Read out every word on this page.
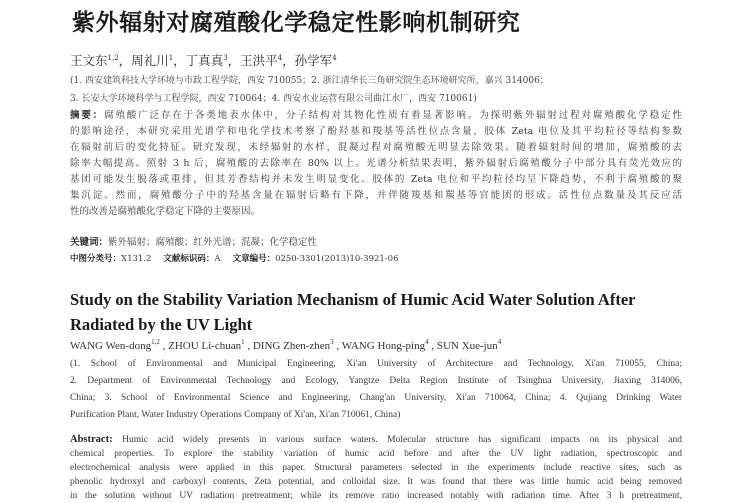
紫外辐射对腐殖酸化学稳定性影响机制研究
王文东$^{1,2}$，周礼川$^1$，丁真真$^3$，王洪平$^4$，孙学军$^4$
(1. 西安建筑科技大学环境与市政工程学院，西安 710055；2. 浙江清华长三角研究院生态环境研究所，嘉兴 314006；
3. 长安大学环境科学与工程学院，西安 710064；4. 西安水业运营有限公司曲江水厂，西安 710061)
摘要：腐殖酸广泛存在于各类地表水体中，分子结构对其物化性质有着显著影响。为探明紫外辐射过程对腐殖酸化学稳定性
的影响途径，本研究采用光谱学和电化学技术考察了酚羟基和羧基等活性位点含量、胶体 Zeta 电位及其平均粒径等结构参数
在辐射前后的变化特征。研究发现，未经辐射的水样，混凝过程对腐殖酸无明显去除效果。随着辐射时间的增加，腐殖酸的去
除率大幅提高。照射 3 h 后，腐殖酸的去除率在 80% 以上。光谱分析结果表明，紫外辐射后腐殖酸分子中部分具有荧光效应的
基团可能发生脱落或重排，但其芳香结构并未发生明显变化。胶体的 Zeta 电位和平均粒径均呈下降趋势，不利于腐殖酸的聚
集沉淀。然而，腐殖酸分子中的羟基含量在辐射后略有下降，并伴随羧基和羰基等官能团的形成。活性位点数量及其反应活
性的改善是腐殖酸化学稳定下降的主要原因。
关键词：紫外辐射；腐殖酸；红外光谱；混凝；化学稳定性
中图分类号：X131.2 文献标识码：A 文章编号：0250-3301(2013)10-3921-06
Study on the Stability Variation Mechanism of Humic Acid Water Solution After
Radiated by the UV Light
WANG Wen-dong$^{1,2}$ , ZHOU Li-chuan$^1$ , DING Zhen-zhen$^3$ , WANG Hong-ping$^4$ , SUN Xue-jun$^4$
(1. School of Environmental and Municipal Engineering, Xi'an University of Architecture and Technology, Xi'an 710055, China;
2. Department of Environmental Technology and Ecology, Yangtze Delta Region Institute of Tsinghua University, Jiaxing 314006,
China; 3. School of Environmental Science and Engineering, Chang'an University, Xi'an 710064, China; 4. Qujiang Drinking Water
Purification Plant, Water Industry Operations Company of Xi'an, Xi'an 710061, China)
Abstract: Humic acid widely presents in various surface waters. Molecular structure has significant impacts on its physical and
chemical properties. To explore the stability variation of humic acid before and after the UV light radiation, spectroscopic and
electrochemical analysis were applied in this paper. Structural parameters selected in the experiments include reactive sites, such as
phenolic hydroxyl and carboxyl contents, Zeta potential, and colloidal size. It was found that there was little humic acid being removed
in the solution without UV radiation pretreatment; while its remove ratio increased notably with radiation time. After 3 h pretreatment,
